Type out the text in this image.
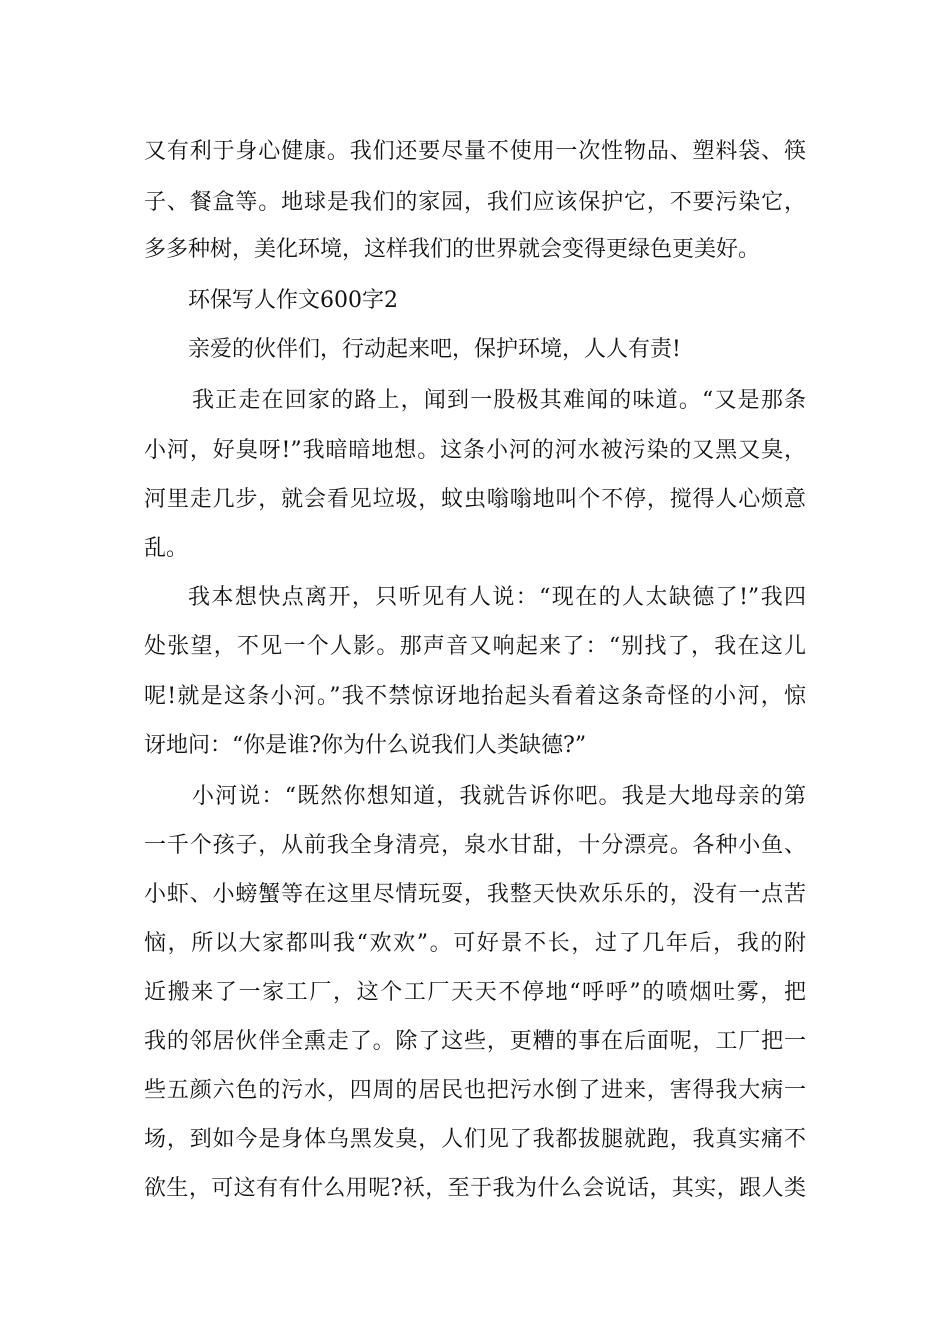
又有利于身心健康。我们还要尽量不使用一次性物品、塑料袋、筷
子、餐盒等。地球是我们的家园，我们应该保护它，不要污染它，
多多种树，美化环境，这样我们的世界就会变得更绿色更美好。
环保写人作文600字2
亲爱的伙伴们，行动起来吧，保护环境，人人有责!
我正走在回家的路上，闻到一股极其难闻的味道。“又是那条
小河，好臭呀!”我暗暗地想。这条小河的河水被污染的又黑又臭，
河里走几步，就会看见垃圾，蚊虫嗡嗡地叫个不停，搅得人心烦意
乱。
我本想快点离开，只听见有人说：“现在的人太缺德了!”我四
处张望，不见一个人影。那声音又响起来了：“别找了，我在这儿
呢!就是这条小河。”我不禁惊讶地抬起头看着这条奇怪的小河，惊
讶地问：“你是谁?你为什么说我们人类缺德?”
小河说：“既然你想知道，我就告诉你吧。我是大地母亲的第
一千个孩子，从前我全身清亮，泉水甘甜，十分漂亮。各种小鱼、
小虾、小螃蟹等在这里尽情玩耍，我整天快欢乐乐的，没有一点苦
恼，所以大家都叫我“欢欢”。可好景不长，过了几年后，我的附
近搬来了一家工厂，这个工厂天天不停地“呼呼”的喷烟吐雾，把
我的邻居伙伴全熏走了。除了这些，更糟的事在后面呢，工厂把一
些五颜六色的污水，四周的居民也把污水倒了进来，害得我大病一
场，到如今是身体乌黑发臭，人们见了我都拔腿就跑，我真实痛不
欲生，可这有有什么用呢?袄，至于我为什么会说话，其实，跟人类
